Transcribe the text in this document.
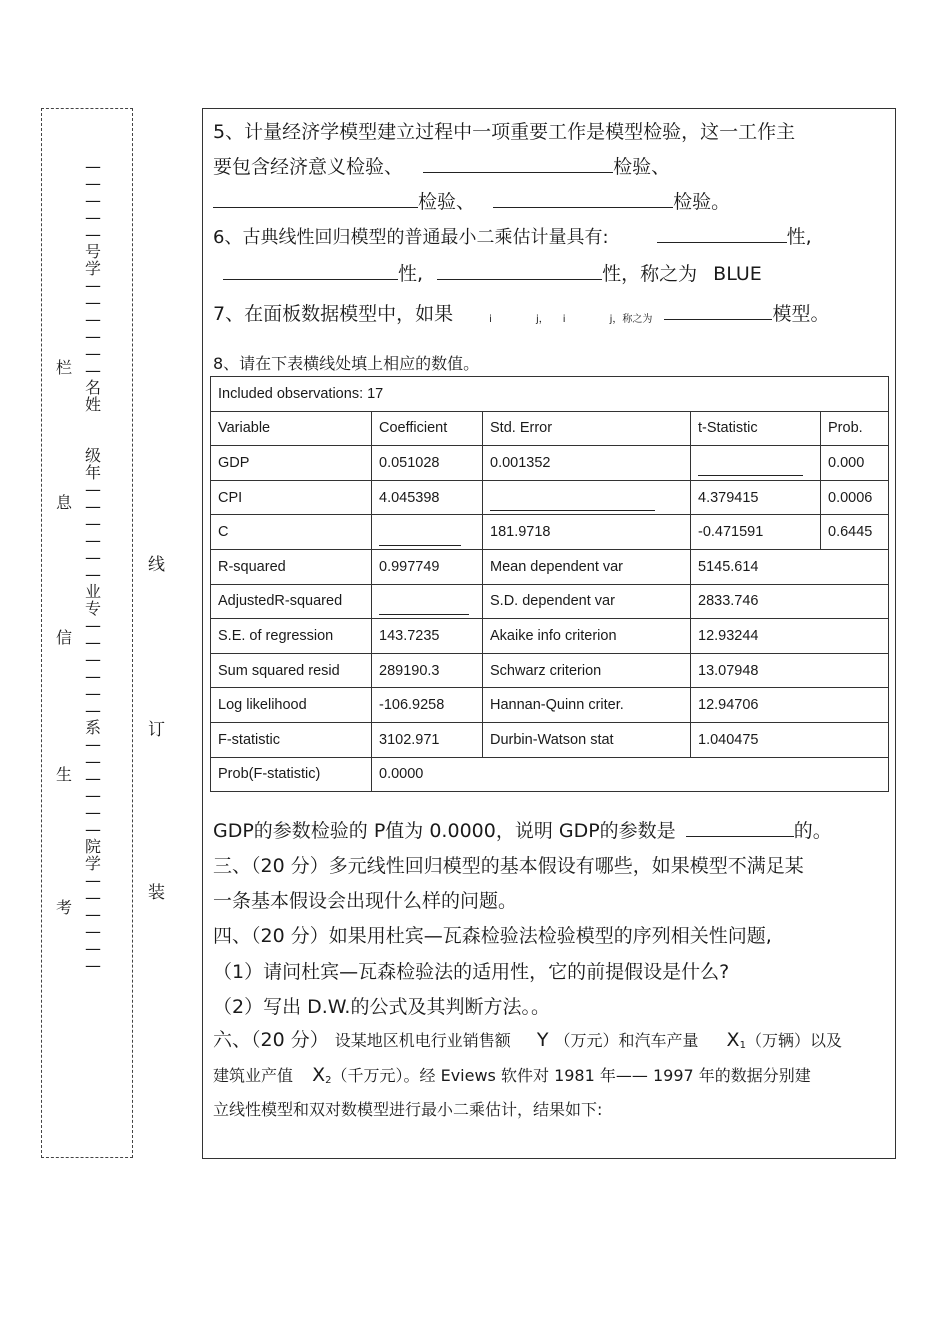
—
—
—
—
—
号
学
—
—
—
—
—
—
名
姓
级
年
—
—
—
—
—
—
业
专
—
—
—
—
—
—
系
—
—
—
—
—
—
院
学
—
—
—
—
—
—
栏
息
信
生
考
线
订
装
5、计量经济学模型建立过程中一项重要工作是模型检验，这一工作主
要包含经济意义检验、	检验、
检验、	检验。
6、古典线性回归模型的普通最小二乘估计量具有:	性,
性,	性，称之为 BLUE
7、在面板数据模型中，如果	$_i$	$_{j,}$ $_i$	$_{j,称之为}$	模型。
8、请在下表横线处填上相应的数值。
Included observations: 17				
Variable	Coefficient	Std. Error	t-Statistic	Prob.
GDP	0.051028	0.001352		0.000
CPI	4.045398		4.379415	0.0006
C		181.9718	-0.471591	0.6445
R-squared	0.997749	Mean dependent var	5145.614	
AdjustedR-squared		S.D. dependent var	2833.746	
S.E. of regression	143.7235	Akaike info criterion	12.93244	
Sum squared resid	289190.3	Schwarz criterion	13.07948	
Log likelihood	-106.9258	Hannan-Quinn criter.	12.94706	
F-statistic	3102.971	Durbin-Watson stat	1.040475	
Prob(F-statistic)	0.0000			
GDP的参数检验的 P值为 0.0000，说明 GDP的参数是	的。
三、（20 分）多元线性回归模型的基本假设有哪些，如果模型不满足某
一条基本假设会出现什么样的问题。
四、（20 分）如果用杜宾—瓦森检验法检验模型的序列相关性问题,
（1）请问杜宾—瓦森检验法的适用性，它的前提假设是什么?
（2）写出 D.W.的公式及其判断方法。。
六、（20 分） 设某地区机电行业销售额 Y （万元）和汽车产量 $X_1$（万辆）以及
建筑业产值 $X_2$（千万元）。经 Eviews 软件对 1981 年—— 1997 年的数据分别建
立线性模型和双对数模型进行最小二乘估计，结果如下:
